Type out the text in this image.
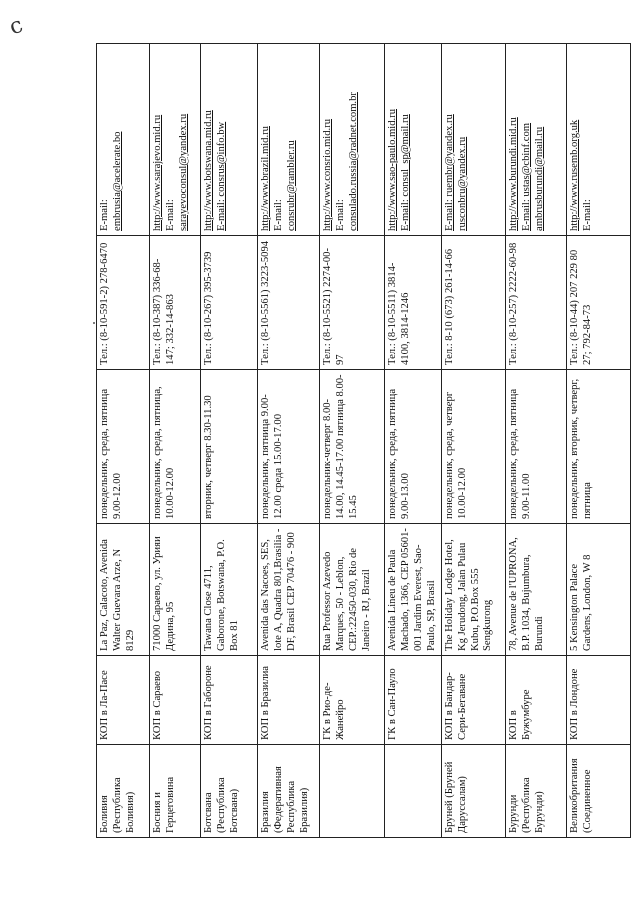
с
Боливия (Республика Боливия)	КОП в Ла-Пасе	La Paz, Calacoto, Avenida Walter Guevara Arze, N 8129	понедельник, среда, пятница 9.00-12.00	Тел.: (8-10-591-2) 278-6470	E-mail: embrusia@acelerate.bo

Босния и Герцеговина	КОП в Сараево	71000 Сараево, ул. Урияи Дедина, 95	понедельник, среда, пятница, 10.00-12.00	Тел.: (8-10-387) 336-68-147; 332-14-863	http://www.sarajevo.mid.ru E-mail: sarayevoconsul@yandex.ru

Ботсвана (Республика Ботсвана)	КОП в Габороне	Tawana Close 4711, Gaborone, Botswana, P.O. Box 81	вторник, четверг 8.30-11.30	Тел.: (8-10-267) 395-3739	http://www.botswana.mid.ru E-mail: consrus@info.bw

Бразилия (Федеративная Республика Бразилия)	КОП в Бразилиа	Avenida das Nacoes, SES, lote A, Quadra 801,Brasilia - DF, Brasil CEP 70476 - 900	понедельник, пятница 9.00-12.00 среда 15.00-17.00	Тел.: (8-10-5561) 3223-5094	http://www.brazil.mid.ru E-mail: consrubr@rambler.ru

	ГК в Рио-де-Жанейро	Rua Professor Azevedo Marques, 50 - Leblon, CEP.:22450-030, Rio de Janeiro - RJ, Brazil	понедельник-четверг 8.00-14.00, 14.45-17.00 пятница 8.00-15.45	Тел.: (8-10-5521) 2274-00-97	http://www.consrio.mid.ru E-mail: consulado.russia@radnet.com.br

	ГК в Сан-Пауло	Avenida Lineu de Paula Machado, 1366, CEP 05601-001 Jardim Everest, Sao-Paulo, SP, Brasil	понедельник, среда, пятница 9.00-13.00	Тел.: (8-10-5511) 3814-4100, 3814-1246	http://www.sao-paulo.mid.ru E-mail: consul_sp@mail.ru

Бруней (Бруней Даруссалам)	КОП в Бандар-Сери-Бегаване	The Holiday Lodge Hotel, Kg Jerudong, Jalan Pulau Kubu, P.O.Box 555 Sengkurong	понедельник, среда, четверг 10.00-12.00	Тел.: 8-10 (673) 261-14-66	E-mail: ruembr@yandex.ru rusconbru@yandex.ru

Бурунди (Республика Бурунди)	КОП в Бужумбуре	78, Avenue de l'UPRONA, B.P. 1034, Bujumbura, Burundi	понедельник, среда, пятница 9.00-11.00	Тел.: (8-10-257) 2222-60-98	http://www.burundi.mid.ru E-mail: ustas@cbinf.com ambrusburundi@mail.ru

Великобритания (Соединенное	КОП в Лондоне	5 Kensington Palace Gardens, London, W 8	понедельник, вторник, четверг, пятница	Тел.: (8-10-44) 207 229 80 27; 792-84-73	http://www.rusemb.org.uk E-mail:
